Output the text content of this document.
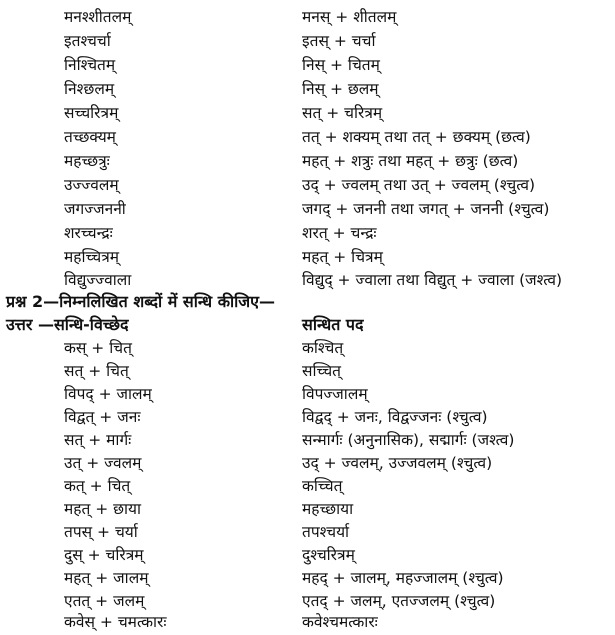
मनश्शीतलम्	मनस् + शीतलम्
इतश्चर्चा	इतस् + चर्चा
निश्चितम्	निस् + चितम्
निश्छलम्	निस् + छलम्
सच्चरित्रम्	सत् + चरित्रम्
तच्छक्यम्	तत् + शक्यम् तथा तत् + छक्यम् (छत्व)
महच्छत्रुः	महत् + शत्रुः तथा महत् + छत्रुः (छत्व)
उज्ज्वलम्	उद् + ज्वलम् तथा उत् + ज्वलम् (श्चुत्व)
जगज्जननी	जगद् + जननी तथा जगत् + जननी (श्चुत्व)
शरच्चन्द्रः	शरत् + चन्द्रः
महच्चित्रम्	महत् + चित्रम्
विद्युज्ज्वाला	विद्युद् + ज्वाला तथा विद्युत् + ज्वाला (जश्त्व)
प्रश्न 2—निम्नलिखित शब्दों में सन्धि कीजिए—
उत्तर —सन्धि-विच्छेद	सन्धित पद
कस् + चित्	कश्चित्
सत् + चित्	सच्चित्
विपद् + जालम्	विपज्जालम्
विद्वत् + जनः	विद्वद् + जनः, विद्वज्जनः (श्चुत्व)
सत् + मार्गः	सन्मार्गः (अनुनासिक), सद्मार्गः (जश्त्व)
उत् + ज्वलम्	उद् + ज्वलम्, उज्जवलम् (श्चुत्व)
कत् + चित्	कच्चित्
महत् + छाया	महच्छाया
तपस् + चर्या	तपश्चर्या
दुस् + चरित्रम्	दुश्चरित्रम्
महत् + जालम्	महद् + जालम्, महज्जालम् (श्चुत्व)
एतत् + जलम्	एतद् + जलम्, एतज्जलम् (श्चुत्व)
कवेस् + चमत्कारः	कवेश्चमत्कारः
